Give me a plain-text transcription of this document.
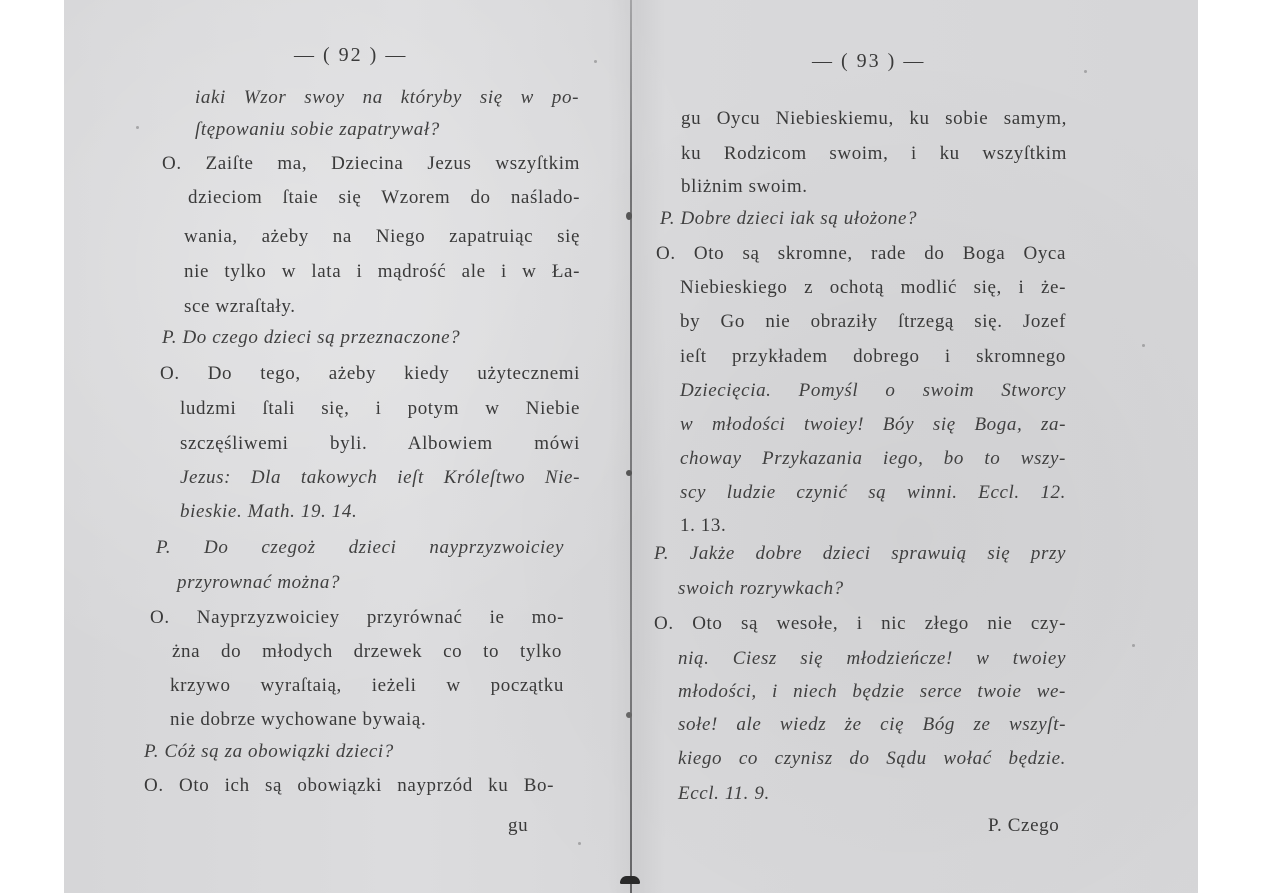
— ( 92 ) —
iaki Wzor swoy na którybу się w po-
ſtępowaniu sobie zapatrywał?
O. Zaiſte ma, Dziecina Jezus wszyſtkim
dzieciom ſtaie się Wzorem do naśladо-
wania, ażeby na Niego zapatruiąc się
nie tylko w lata i mądrość ale i w Ła-
sce wzraſtały.
P. Do czego dzieci są przeznaczone?
O. Do tego, ażeby kiedy użytecznemi
ludzmi ſtali się, i potym w Niebie
szczęśliwemi byli. Albowiem mówi
Jezus: Dla takowych ieſt Króleſtwo Nie-
bieskie. Math. 19. 14.
P. Do czegoż dzieci nayprzyzwoiciey
przyrownać można?
O. Nayprzyzwoiciey przyrównać ie mo-
żna do młodych drzewek co to tylko
krzywo wyraſtaią, ieżeli w początku
nie dobrze wychowane bywaią.
P. Cóż są za obowiązki dzieci?
O. Oto ich są obowiązki nayprzód ku Bo-
gu
— ( 93 ) —
gu Oycu Niebieskiemu, ku sobie samym,
ku Rodzicom swoim, i ku wszyſtkim
bliżnim swoim.
P. Dobre dzieci iak są ułożone?
O. Oto są skromne, rade do Boga Oyca
Niebieskiego z ochotą modlić się, i że-
by Go nie obraziły ſtrzegą się. Jozef
ieſt przykładem dobrego i skromnego
Dziecięcia. Pomyśl o swoim Stworcy
w młodości twoiey! Bóy się Boga, za-
choway Przykazania iego, bo to wszy-
scy ludzie czynić są winni. Eccl. 12.
1. 13.
P. Jakże dobre dzieci sprawuią się przy
swoich rozrywkach?
O. Oto są wesołe, i nic złego nie czy-
nią. Ciesz się młodzieńcze! w twoiey
młodości, i niech będzie serce twoie we-
sołe! ale wiedz że cię Bóg ze wszyſt-
kiego co czynisz do Sądu wołać będzie.
Eccl. 11. 9.
P. Czego
